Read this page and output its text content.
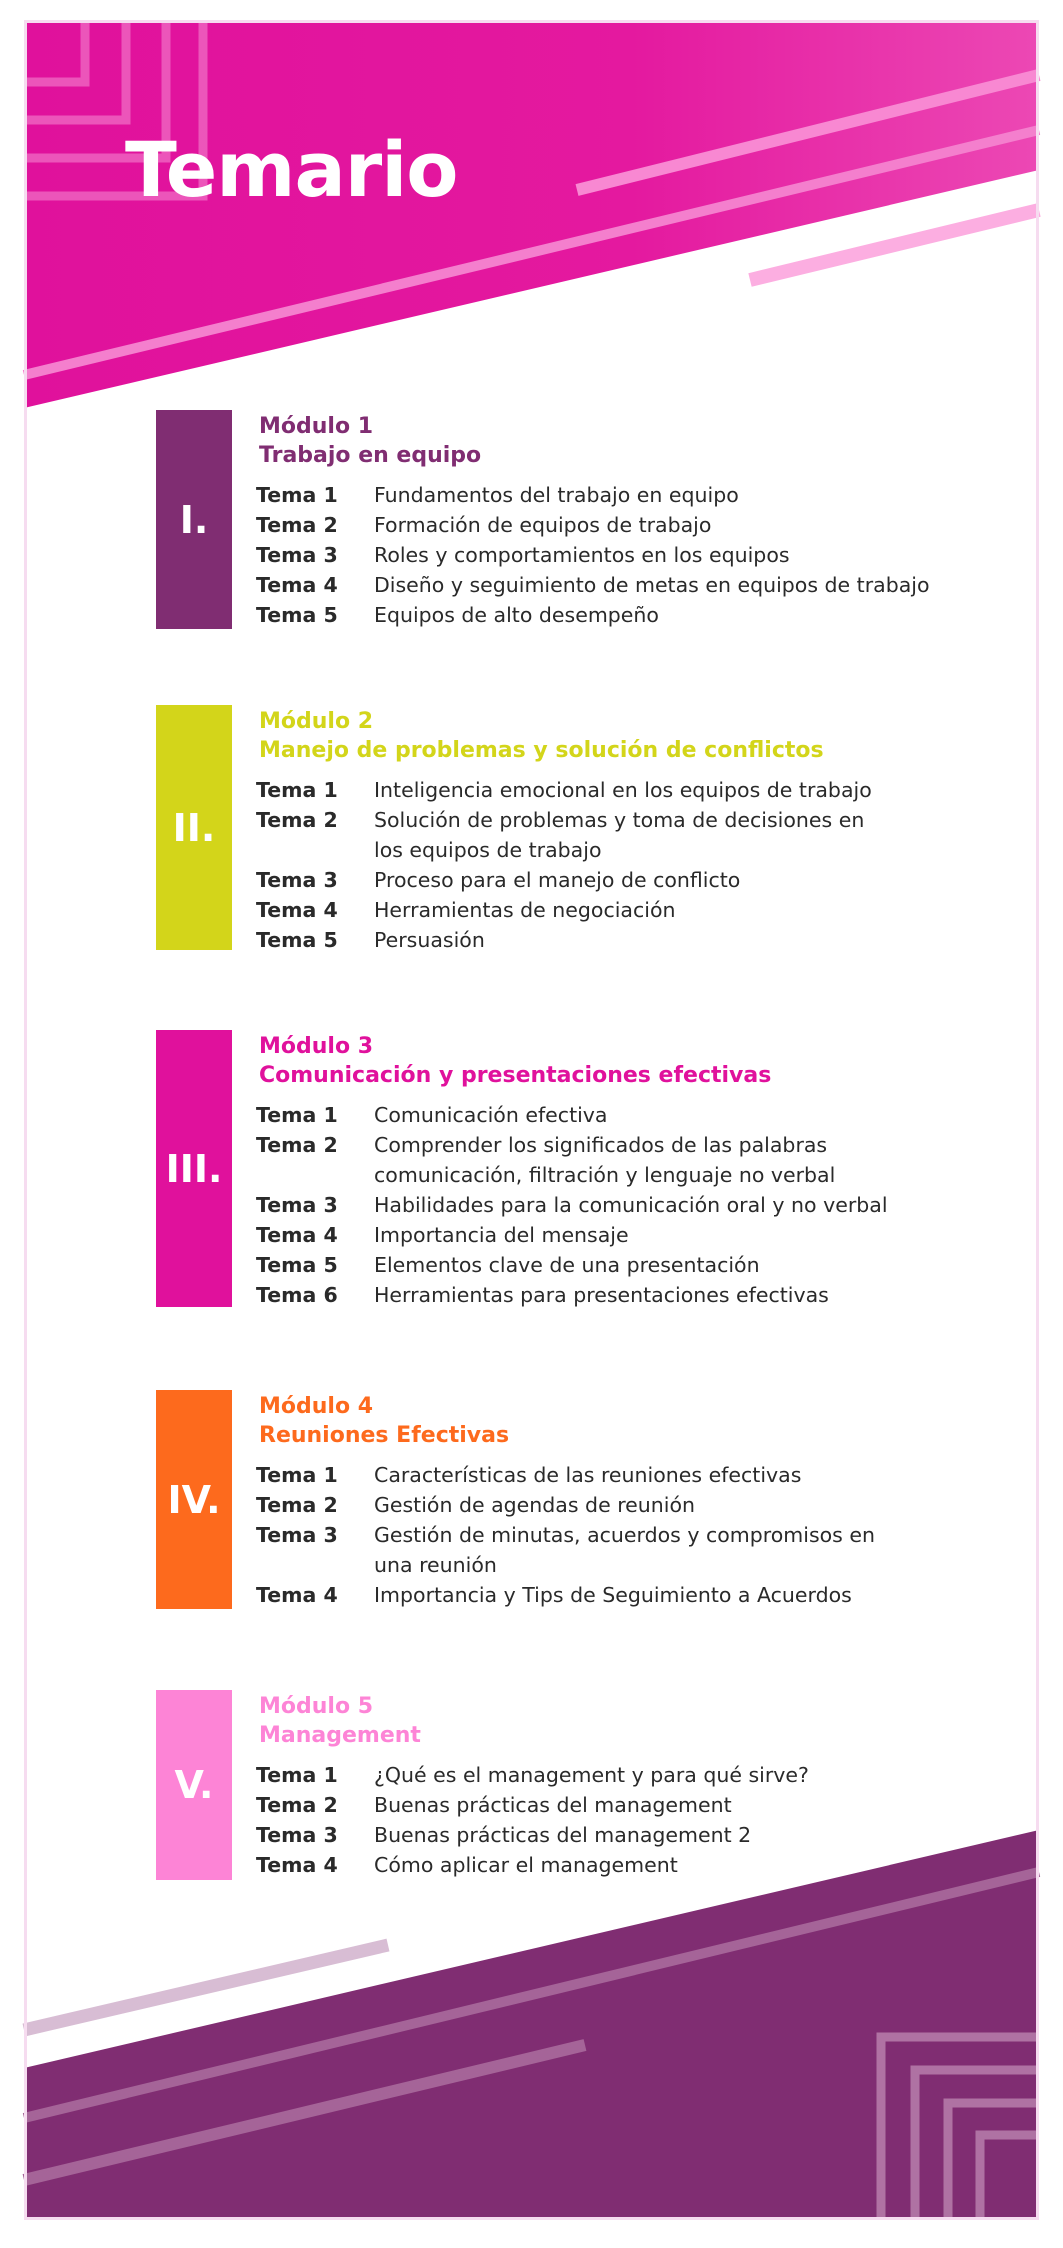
Temario
I.
Módulo 1
Trabajo en equipo
Tema 1	Fundamentos del trabajo en equipo
Tema 2	Formación de equipos de trabajo
Tema 3	Roles y comportamientos en los equipos
Tema 4	Diseño y seguimiento de metas en equipos de trabajo
Tema 5	Equipos de alto desempeño
II.
Módulo 2
Manejo de problemas y solución de conflictos
Tema 1	Inteligencia emocional en los equipos de trabajo
Tema 2	Solución de problemas y toma de decisiones en los equipos de trabajo
Tema 3	Proceso para el manejo de conflicto
Tema 4	Herramientas de negociación
Tema 5	Persuasión
III.
Módulo 3
Comunicación y presentaciones efectivas
Tema 1	Comunicación efectiva
Tema 2	Comprender los significados de las palabras comunicación, filtración y lenguaje no verbal
Tema 3	Habilidades para la comunicación oral y no verbal
Tema 4	Importancia del mensaje
Tema 5	Elementos clave de una presentación
Tema 6	Herramientas para presentaciones efectivas
IV.
Módulo 4
Reuniones Efectivas
Tema 1	Características de las reuniones efectivas
Tema 2	Gestión de agendas de reunión
Tema 3	Gestión de minutas, acuerdos y compromisos en una reunión
Tema 4	Importancia y Tips de Seguimiento a Acuerdos
V.
Módulo 5
Management
Tema 1	¿Qué es el management y para qué sirve?
Tema 2	Buenas prácticas del management
Tema 3	Buenas prácticas del management 2
Tema 4	Cómo aplicar el management
